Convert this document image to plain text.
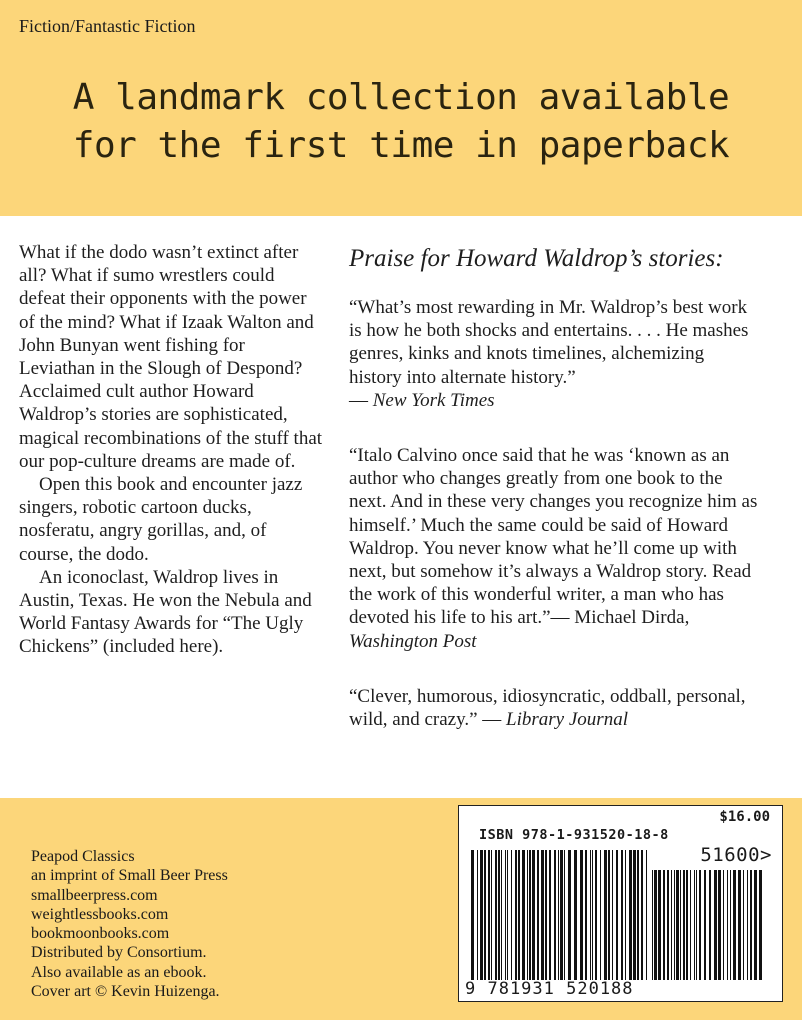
Fiction/Fantastic Fiction
A landmark collection available
for the first time in paperback

What if the dodo wasn’t extinct after all? What if sumo wrestlers could defeat their opponents with the power of the mind? What if Izaak Walton and John Bunyan went fishing for Leviathan in the Slough of Despond? Acclaimed cult author Howard Waldrop’s stories are sophisticated, magical recombinations of the stuff that our pop-culture dreams are made of.

Open this book and encounter jazz singers, robotic cartoon ducks, nosferatu, angry gorillas, and, of course, the dodo.

An iconoclast, Waldrop lives in Austin, Texas. He won the Nebula and World Fantasy Awards for “The Ugly Chickens” (included here).

Praise for Howard Waldrop’s stories:

“What’s most rewarding in Mr. Waldrop’s best work is how he both shocks and entertains. . . . He mashes genres, kinks and knots timelines, alchemizing history into alternate history.”
— New York Times

“Italo Calvino once said that he was ‘known as an author who changes greatly from one book to the next. And in these very changes you recognize him as himself.’ Much the same could be said of Howard Waldrop. You never know what he’ll come up with next, but somehow it’s always a Waldrop story. Read the work of this wonderful writer, a man who has devoted his life to his art.”— Michael Dirda, Washington Post

“Clever, humorous, idiosyncratic, oddball, personal, wild, and crazy.” — Library Journal

Peapod Classics
an imprint of Small Beer Press
smallbeerpress.com
weightlessbooks.com
bookmoonbooks.com
Distributed by Consortium.
Also available as an ebook.
Cover art © Kevin Huizenga.
$16.00
ISBN 978-1-931520-18-8
51600>
9 781931 520188
